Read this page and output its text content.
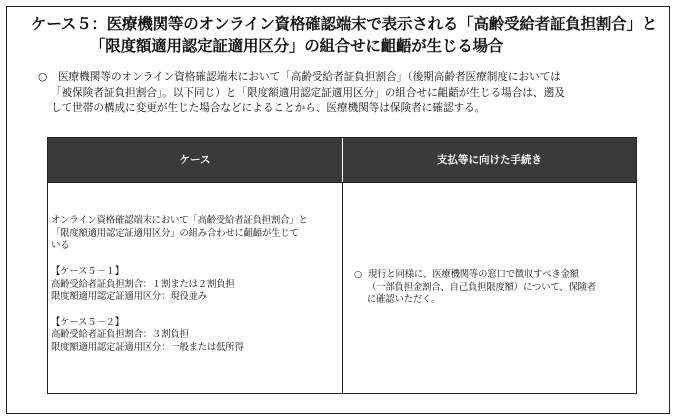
ケース５：医療機関等のオンライン資格確認端末で表示される「高齢受給者証負担割合」と
「限度額適用認定証適用区分」の組合せに齟齬が生じる場合
○ 医療機関等のオンライン資格確認端末において「高齢受給者証負担割合」（後期高齢者医療制度においては
「被保険者証負担割合」。以下同じ）と「限度額適用認定証適用区分」の組合せに齟齬が生じる場合は、遡及
して世帯の構成に変更が生じた場合などによることから、医療機関等は保険者に確認する。
ケース	支払等に向けた手続き
オンライン資格確認端末において「高齢受給者証負担割合」と
「限度額適用認定証適用区分」の組み合わせに齟齬が生じて
いる
【ケース５－１】
高齢受給者証負担割合：１割または２割負担
限度額適用認定証適用区分：現役並み
【ケース５－２】
高齢受給者証負担割合：３割負担
限度額適用認定証適用区分：一般または低所得
○ 現行と同様に、医療機関等の窓口で徴収すべき金額
（一部負担金割合、自己負担限度額）について、保険者
に確認いただく。
